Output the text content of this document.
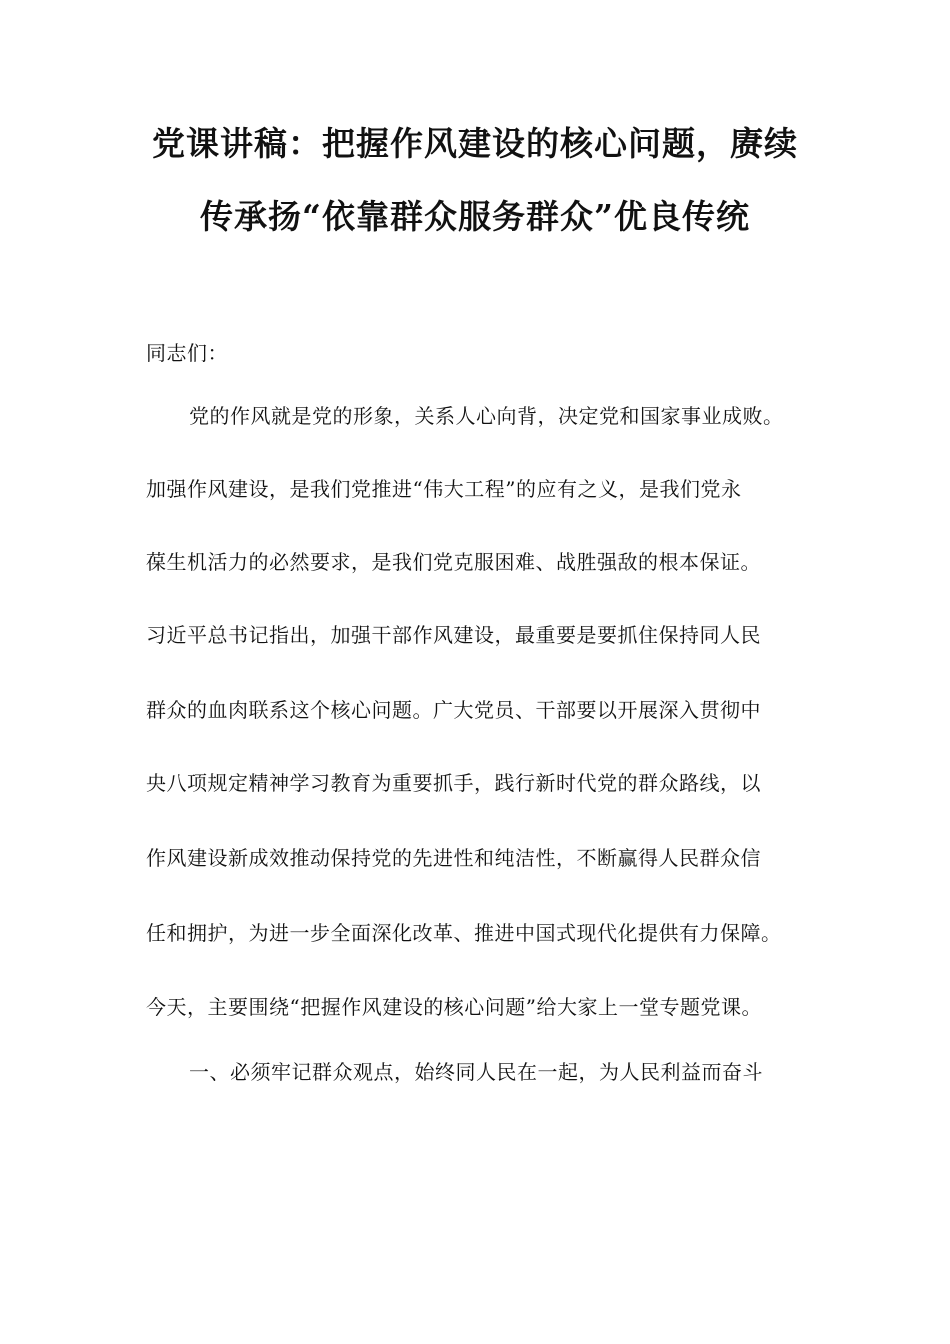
党课讲稿：把握作风建设的核心问题，赓续
传承扬“依靠群众服务群众”优良传统
同志们：
党的作风就是党的形象，关系人心向背，决定党和国家事业成败。
加强作风建设，是我们党推进“伟大工程”的应有之义，是我们党永
葆生机活力的必然要求，是我们党克服困难、战胜强敌的根本保证。
习近平总书记指出，加强干部作风建设，最重要是要抓住保持同人民
群众的血肉联系这个核心问题。广大党员、干部要以开展深入贯彻中
央八项规定精神学习教育为重要抓手，践行新时代党的群众路线，以
作风建设新成效推动保持党的先进性和纯洁性，不断赢得人民群众信
任和拥护，为进一步全面深化改革、推进中国式现代化提供有力保障。
今天，主要围绕“把握作风建设的核心问题”给大家上一堂专题党课。
一、必须牢记群众观点，始终同人民在一起，为人民利益而奋斗
